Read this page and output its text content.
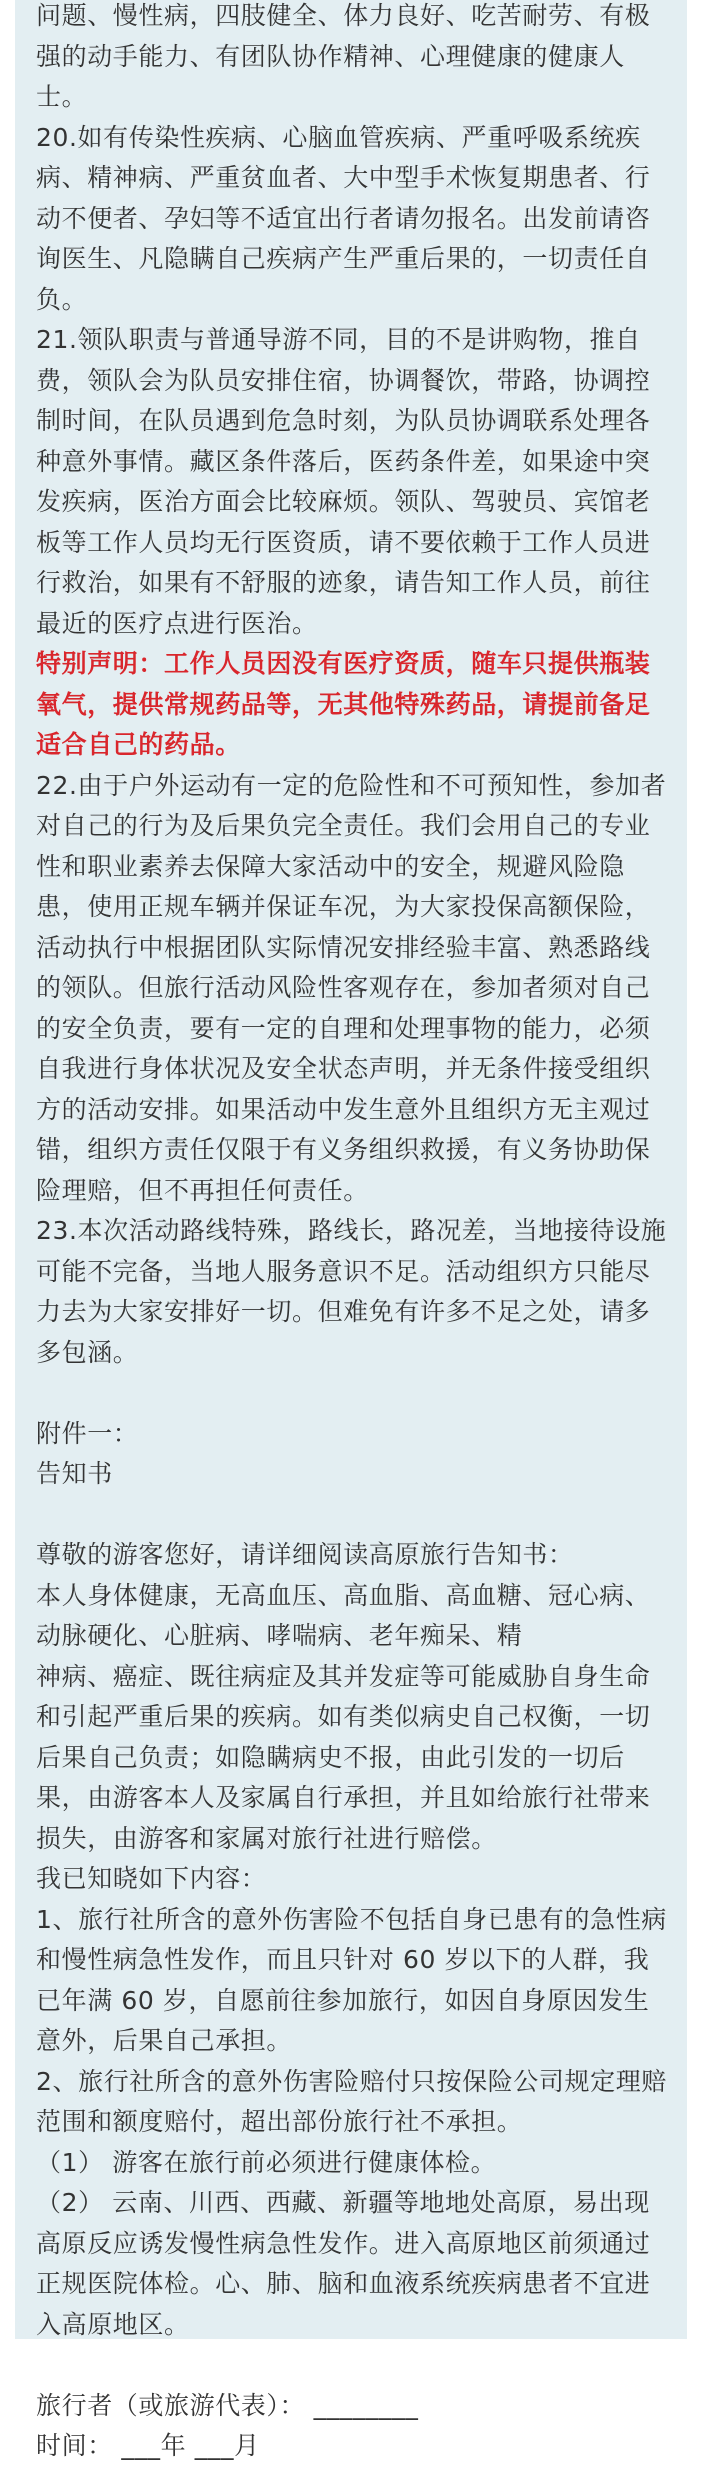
问题、慢性病，四肢健全、体力良好、吃苦耐劳、有极强的动手能力、有团队协作精神、心理健康的健康人士。

20.如有传染性疾病、心脑血管疾病、严重呼吸系统疾病、精神病、严重贫血者、大中型手术恢复期患者、行动不便者、孕妇等不适宜出行者请勿报名。出发前请咨询医生、凡隐瞒自己疾病产生严重后果的，一切责任自负。

21.领队职责与普通导游不同，目的不是讲购物，推自费，领队会为队员安排住宿，协调餐饮，带路，协调控制时间，在队员遇到危急时刻，为队员协调联系处理各种意外事情。藏区条件落后，医药条件差，如果途中突发疾病，医治方面会比较麻烦。领队、驾驶员、宾馆老板等工作人员均无行医资质，请不要依赖于工作人员进行救治，如果有不舒服的迹象，请告知工作人员，前往最近的医疗点进行医治。

特别声明：工作人员因没有医疗资质，随车只提供瓶装氧气，提供常规药品等，无其他特殊药品，请提前备足适合自己的药品。

22.由于户外运动有一定的危险性和不可预知性，参加者对自己的行为及后果负完全责任。我们会用自己的专业性和职业素养去保障大家活动中的安全，规避风险隐患，使用正规车辆并保证车况，为大家投保高额保险，活动执行中根据团队实际情况安排经验丰富、熟悉路线的领队。但旅行活动风险性客观存在，参加者须对自己的安全负责，要有一定的自理和处理事物的能力，必须自我进行身体状况及安全状态声明，并无条件接受组织方的活动安排。如果活动中发生意外且组织方无主观过错，组织方责任仅限于有义务组织救援，有义务协助保险理赔，但不再担任何责任。

23.本次活动路线特殊，路线长，路况差，当地接待设施可能不完备，当地人服务意识不足。活动组织方只能尽力去为大家安排好一切。但难免有许多不足之处，请多多包涵。

附件一：

告知书

尊敬的游客您好，请详细阅读高原旅行告知书：

本人身体健康，无高血压、高血脂、高血糖、冠心病、动脉硬化、心脏病、哮喘病、老年痴呆、精

神病、癌症、既往病症及其并发症等可能威胁自身生命和引起严重后果的疾病。如有类似病史自己权衡，一切后果自己负责；如隐瞒病史不报，由此引发的一切后果，由游客本人及家属自行承担，并且如给旅行社带来损失，由游客和家属对旅行社进行赔偿。

我已知晓如下内容：

1、旅行社所含的意外伤害险不包括自身已患有的急性病和慢性病急性发作，而且只针对 60 岁以下的人群，我已年满 60 岁，自愿前往参加旅行，如因自身原因发生意外，后果自己承担。

2、旅行社所含的意外伤害险赔付只按保险公司规定理赔范围和额度赔付，超出部份旅行社不承担。

（1） 游客在旅行前必须进行健康体检。

（2） 云南、川西、西藏、新疆等地地处高原，易出现高原反应诱发慢性病急性发作。进入高原地区前须通过正规医院体检。心、肺、脑和血液系统疾病患者不宜进入高原地区。

旅行者（或旅游代表）： ________

时间： ___年 ___月
